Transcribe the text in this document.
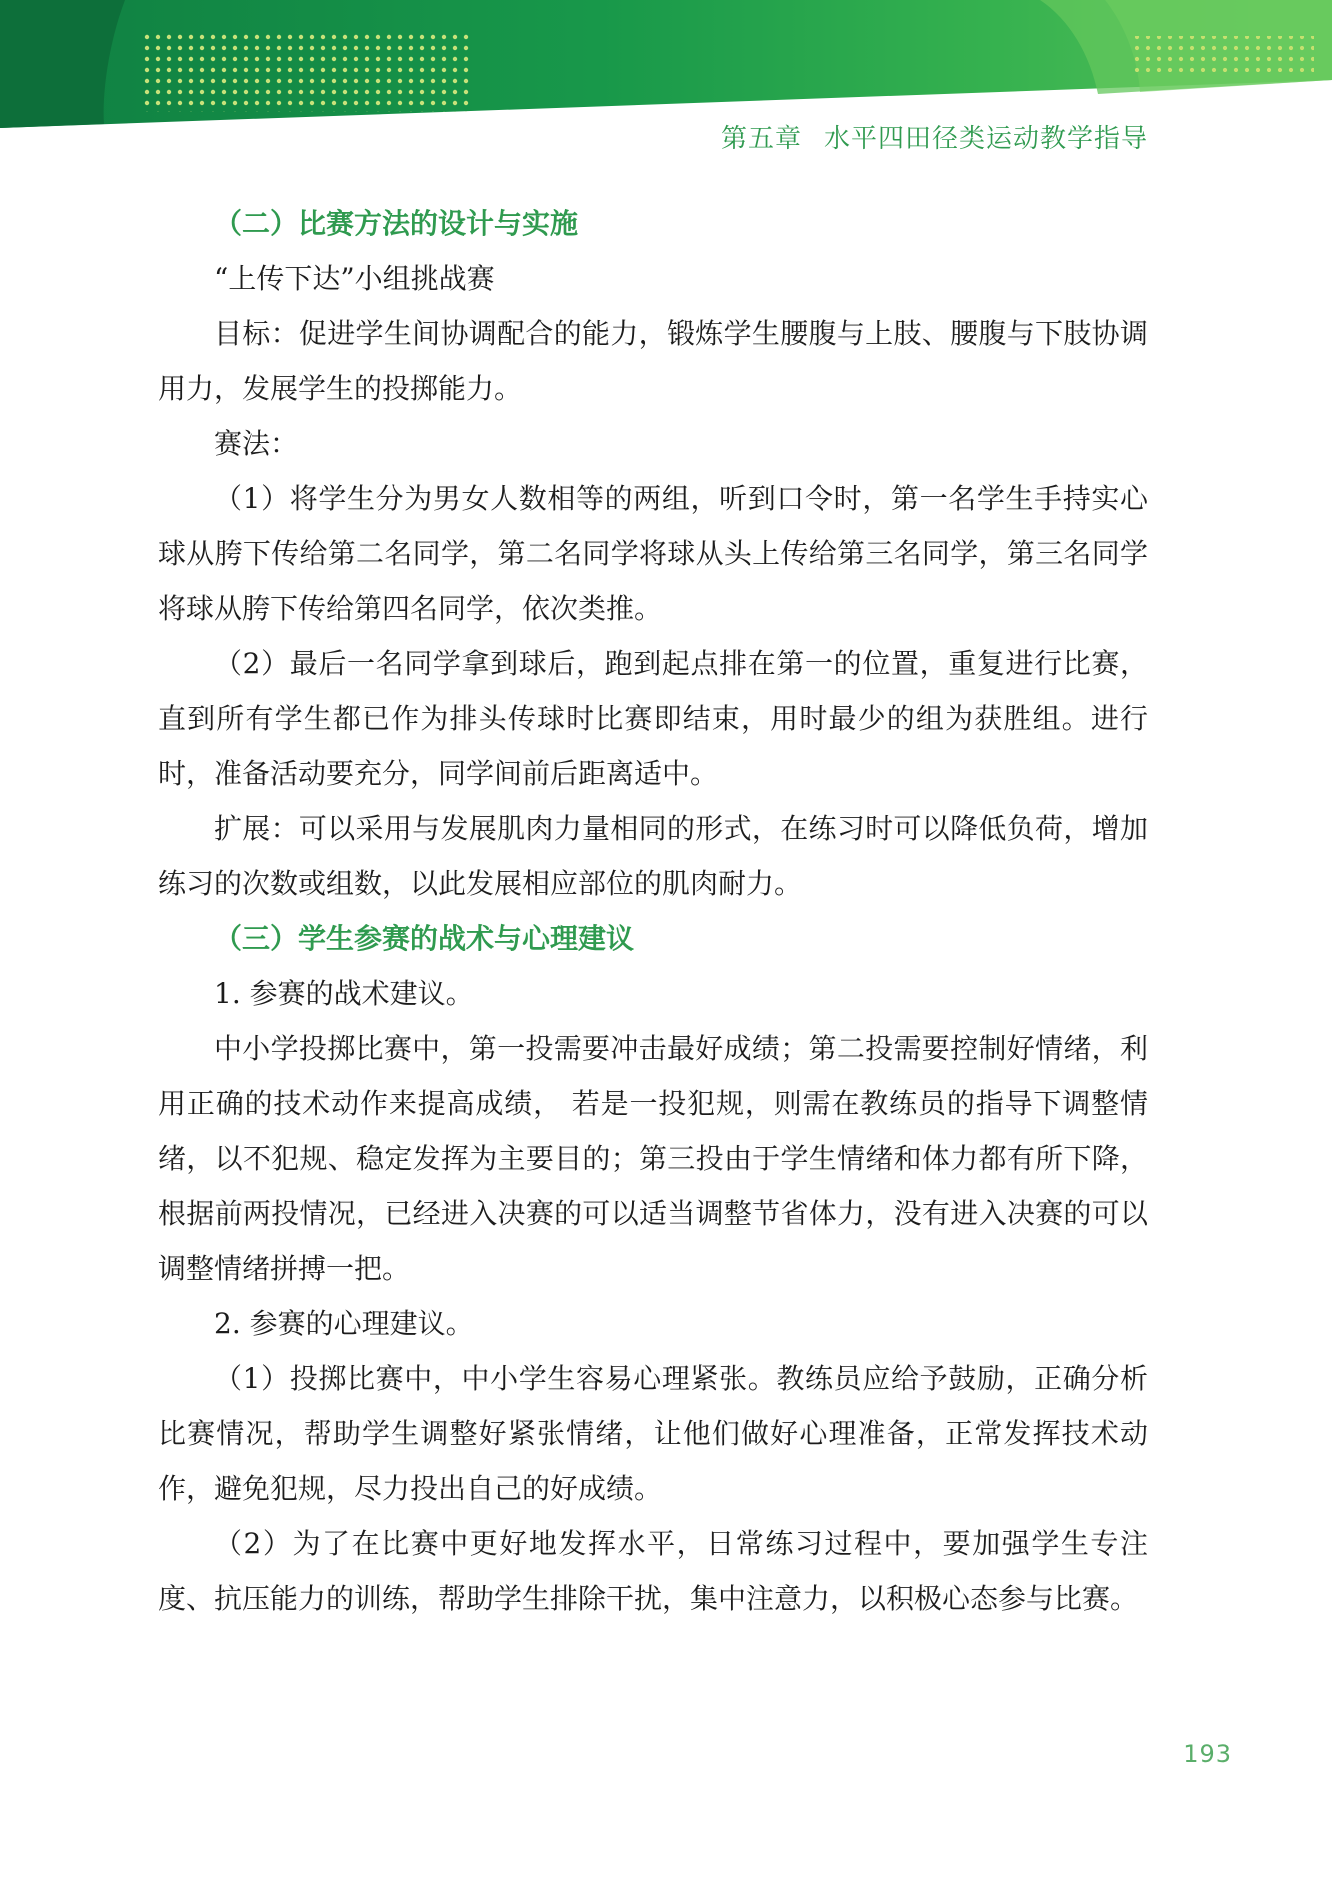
第五章 水平四田径类运动教学指导

（二）比赛方法的设计与实施

“上传下达”小组挑战赛

目标：促进学生间协调配合的能力，锻炼学生腰腹与上肢、腰腹与下肢协调用力，发展学生的投掷能力。

赛法：

（1）将学生分为男女人数相等的两组，听到口令时，第一名学生手持实心球从胯下传给第二名同学，第二名同学将球从头上传给第三名同学，第三名同学将球从胯下传给第四名同学，依次类推。

（2）最后一名同学拿到球后，跑到起点排在第一的位置，重复进行比赛，直到所有学生都已作为排头传球时比赛即结束，用时最少的组为获胜组。进行时，准备活动要充分，同学间前后距离适中。

扩展：可以采用与发展肌肉力量相同的形式，在练习时可以降低负荷，增加练习的次数或组数，以此发展相应部位的肌肉耐力。

（三）学生参赛的战术与心理建议

1. 参赛的战术建议。

中小学投掷比赛中，第一投需要冲击最好成绩；第二投需要控制好情绪，利用正确的技术动作来提高成绩， 若是一投犯规，则需在教练员的指导下调整情绪，以不犯规、稳定发挥为主要目的；第三投由于学生情绪和体力都有所下降，根据前两投情况，已经进入决赛的可以适当调整节省体力，没有进入决赛的可以调整情绪拼搏一把。

2. 参赛的心理建议。

（1）投掷比赛中，中小学生容易心理紧张。教练员应给予鼓励，正确分析比赛情况，帮助学生调整好紧张情绪，让他们做好心理准备，正常发挥技术动作，避免犯规，尽力投出自己的好成绩。

（2）为了在比赛中更好地发挥水平，日常练习过程中，要加强学生专注度、抗压能力的训练，帮助学生排除干扰，集中注意力，以积极心态参与比赛。

193
